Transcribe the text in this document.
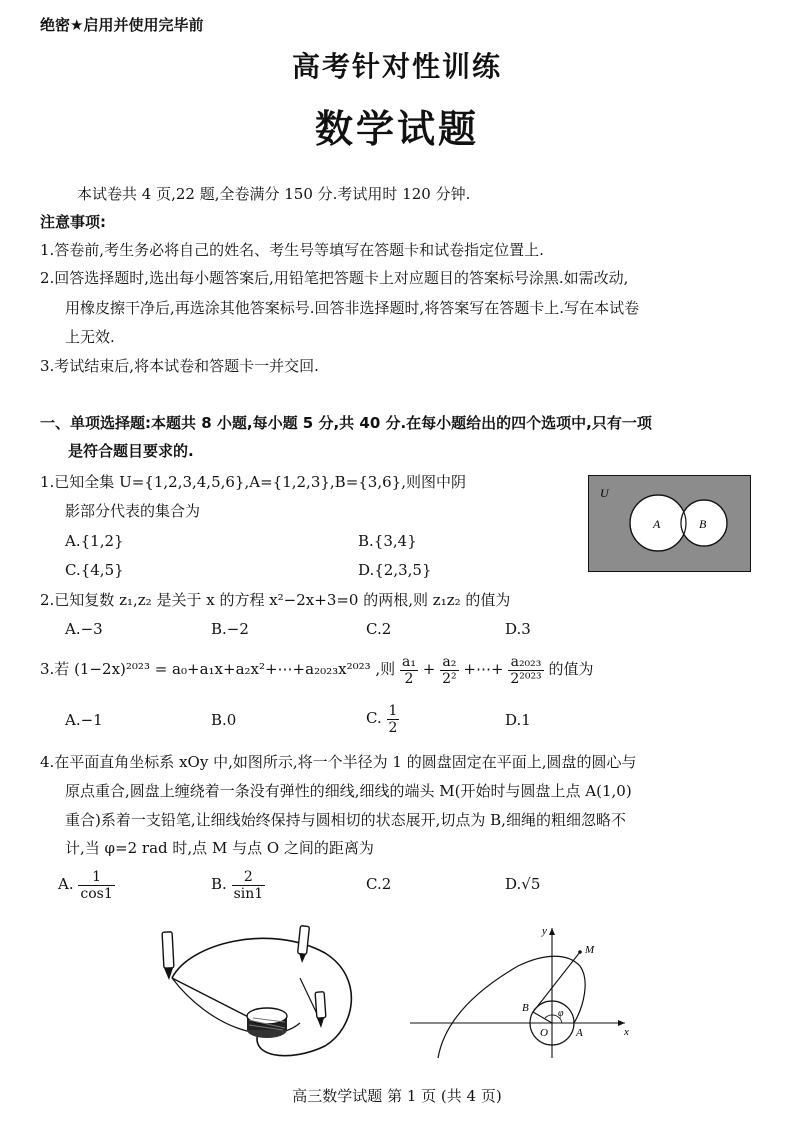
绝密★启用并使用完毕前
高考针对性训练
数学试题
本试卷共 4 页,22 题,全卷满分 150 分.考试用时 120 分钟.
注意事项:
1.答卷前,考生务必将自己的姓名、考生号等填写在答题卡和试卷指定位置上.
2.回答选择题时,选出每小题答案后,用铅笔把答题卡上对应题目的答案标号涂黑.如需改动,
用橡皮擦干净后,再选涂其他答案标号.回答非选择题时,将答案写在答题卡上.写在本试卷
上无效.
3.考试结束后,将本试卷和答题卡一并交回.
一、单项选择题:本题共 8 小题,每小题 5 分,共 40 分.在每小题给出的四个选项中,只有一项
是符合题目要求的.
1.已知全集 U={1,2,3,4,5,6},A={1,2,3},B={3,6},则图中阴
影部分代表的集合为
A.{1,2}	B.{3,4}
C.{4,5}	D.{2,3,5}
U
A	B
2.已知复数 z₁,z₂ 是关于 x 的方程 x²−2x+3=0 的两根,则 z₁z₂ 的值为
A.−3	B.−2	C.2	D.3
3.若 (1−2x)²⁰²³ = a₀+a₁x+a₂x²+⋯+a₂₀₂₃x²⁰²³ ,则 $\frac{\text{a₁}}{2} + \frac{\text{a₂}}{\text{2²}}$ +⋯+ $\frac{\text{a₂₀₂₃}}{\text{2²⁰²³}}$ 的值为
A.−1	B.0	C. $\frac{1}{2}$	D.1
4.在平面直角坐标系 xOy 中,如图所示,将一个半径为 1 的圆盘固定在平面上,圆盘的圆心与
原点重合,圆盘上缠绕着一条没有弹性的细线,细线的端头 M(开始时与圆盘上点 A(1,0)
重合)系着一支铅笔,让细线始终保持与圆相切的状态展开,切点为 B,细绳的粗细忽略不
计,当 φ=2 rad 时,点 M 与点 O 之间的距离为
A. $\frac{1}{\cos 1}$	B. $\frac{2}{\sin 1}$	C.2	D.√5
y
x
O	A
B
M
φ
高三数学试题 第 1 页 (共 4 页)
